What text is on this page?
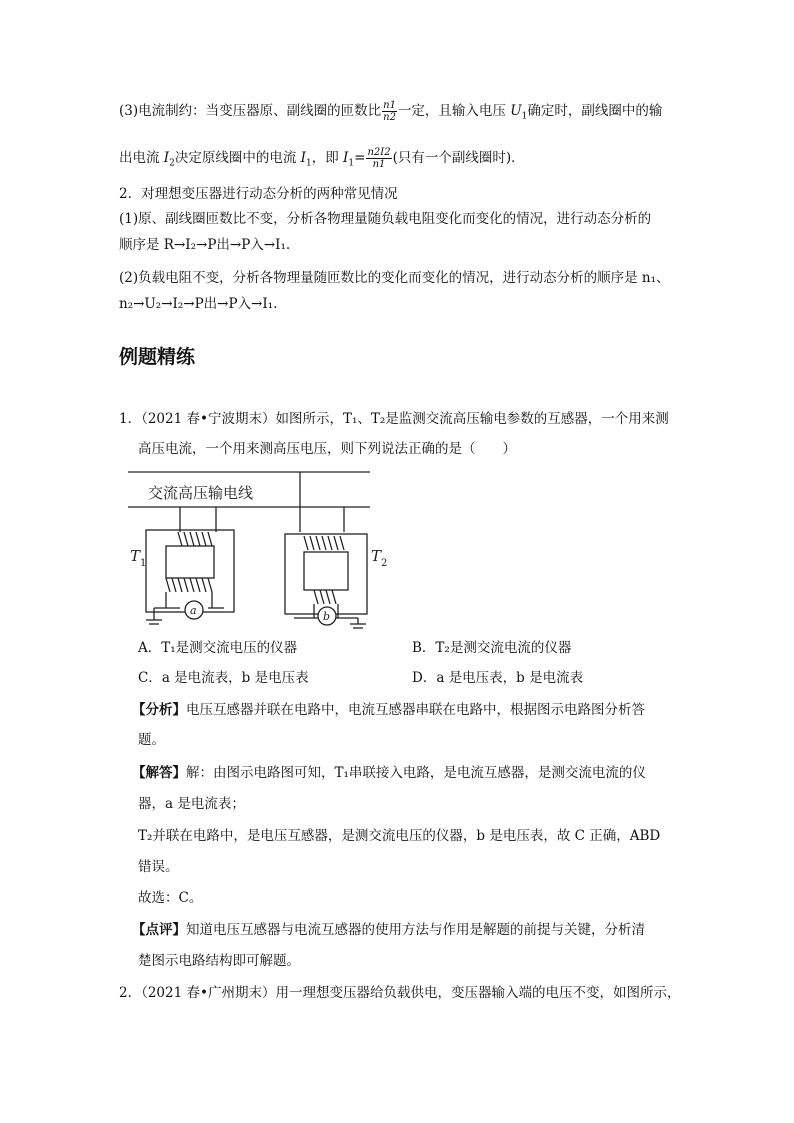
(3)电流制约：当变压器原、副线圈的匝数比 $\frac{n1}{n2}$ 一定，且输入电压 $U_1$确定时，副线圈中的输
出电流 $I_2$决定原线圈中的电流 $I_1$，即 $I_1= \frac{n2I2}{n1}$ (只有一个副线圈时)．
2．对理想变压器进行动态分析的两种常见情况
(1)原、副线圈匝数比不变，分析各物理量随负载电阻变化而变化的情况，进行动态分析的
顺序是 R→I₂→P出→P入→I₁.
(2)负载电阻不变，分析各物理量随匝数比的变化而变化的情况，进行动态分析的顺序是 n₁、
n₂→U₂→I₂→P出→P入→I₁.
例题精练
1．（2021 春•宁波期末）如图所示，T₁、T₂是监测交流高压输电参数的互感器，一个用来测
高压电流，一个用来测高压电压，则下列说法正确的是（　　）
交流高压输电线
T 1	T 2
a	b
A．T₁是测交流电压的仪器	B．T₂是测交流电流的仪器
C．a 是电流表，b 是电压表	D．a 是电压表，b 是电流表
【分析】电压互感器并联在电路中，电流互感器串联在电路中，根据图示电路图分析答
题。
【解答】解：由图示电路图可知，T₁串联接入电路，是电流互感器，是测交流电流的仪
器，a 是电流表；
T₂并联在电路中，是电压互感器，是测交流电压的仪器，b 是电压表，故 C 正确，ABD
错误。
故选：C。
【点评】知道电压互感器与电流互感器的使用方法与作用是解题的前提与关键，分析清
楚图示电路结构即可解题。
2．（2021 春•广州期末）用一理想变压器给负载供电，变压器输入端的电压不变，如图所示，
